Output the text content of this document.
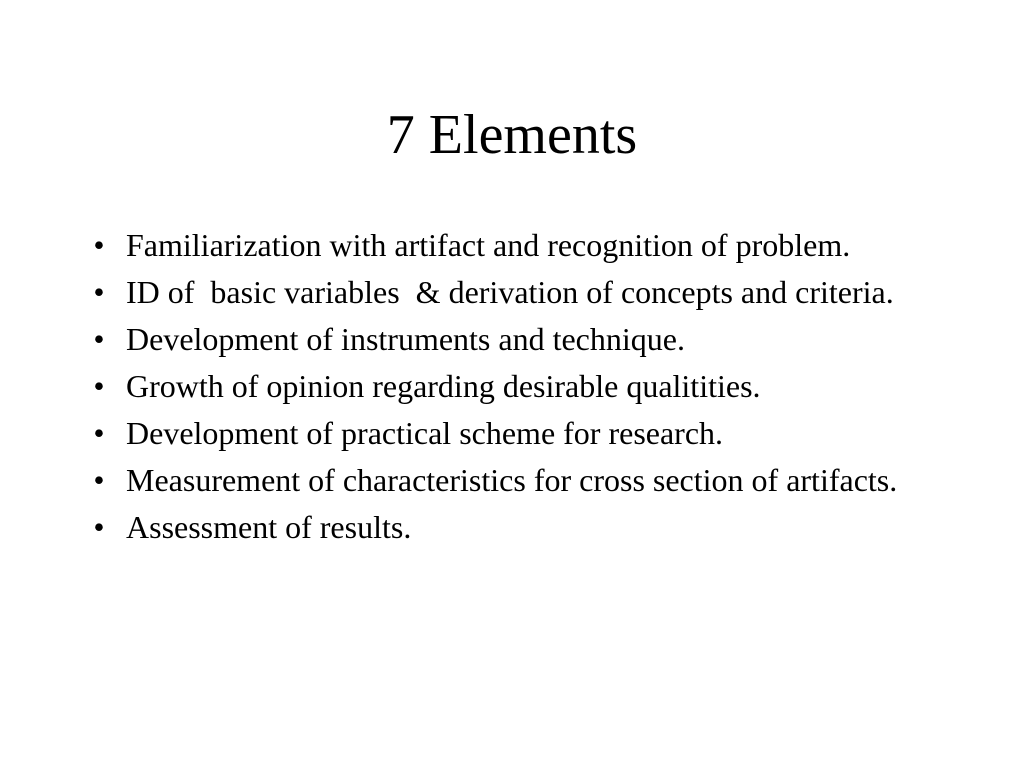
7 Elements
• Familiarization with artifact and recognition of problem.
• ID of  basic variables  & derivation of concepts and criteria.
• Development of instruments and technique.
• Growth of opinion regarding desirable qualitities.
• Development of practical scheme for research.
• Measurement of characteristics for cross section of artifacts.
• Assessment of results.
